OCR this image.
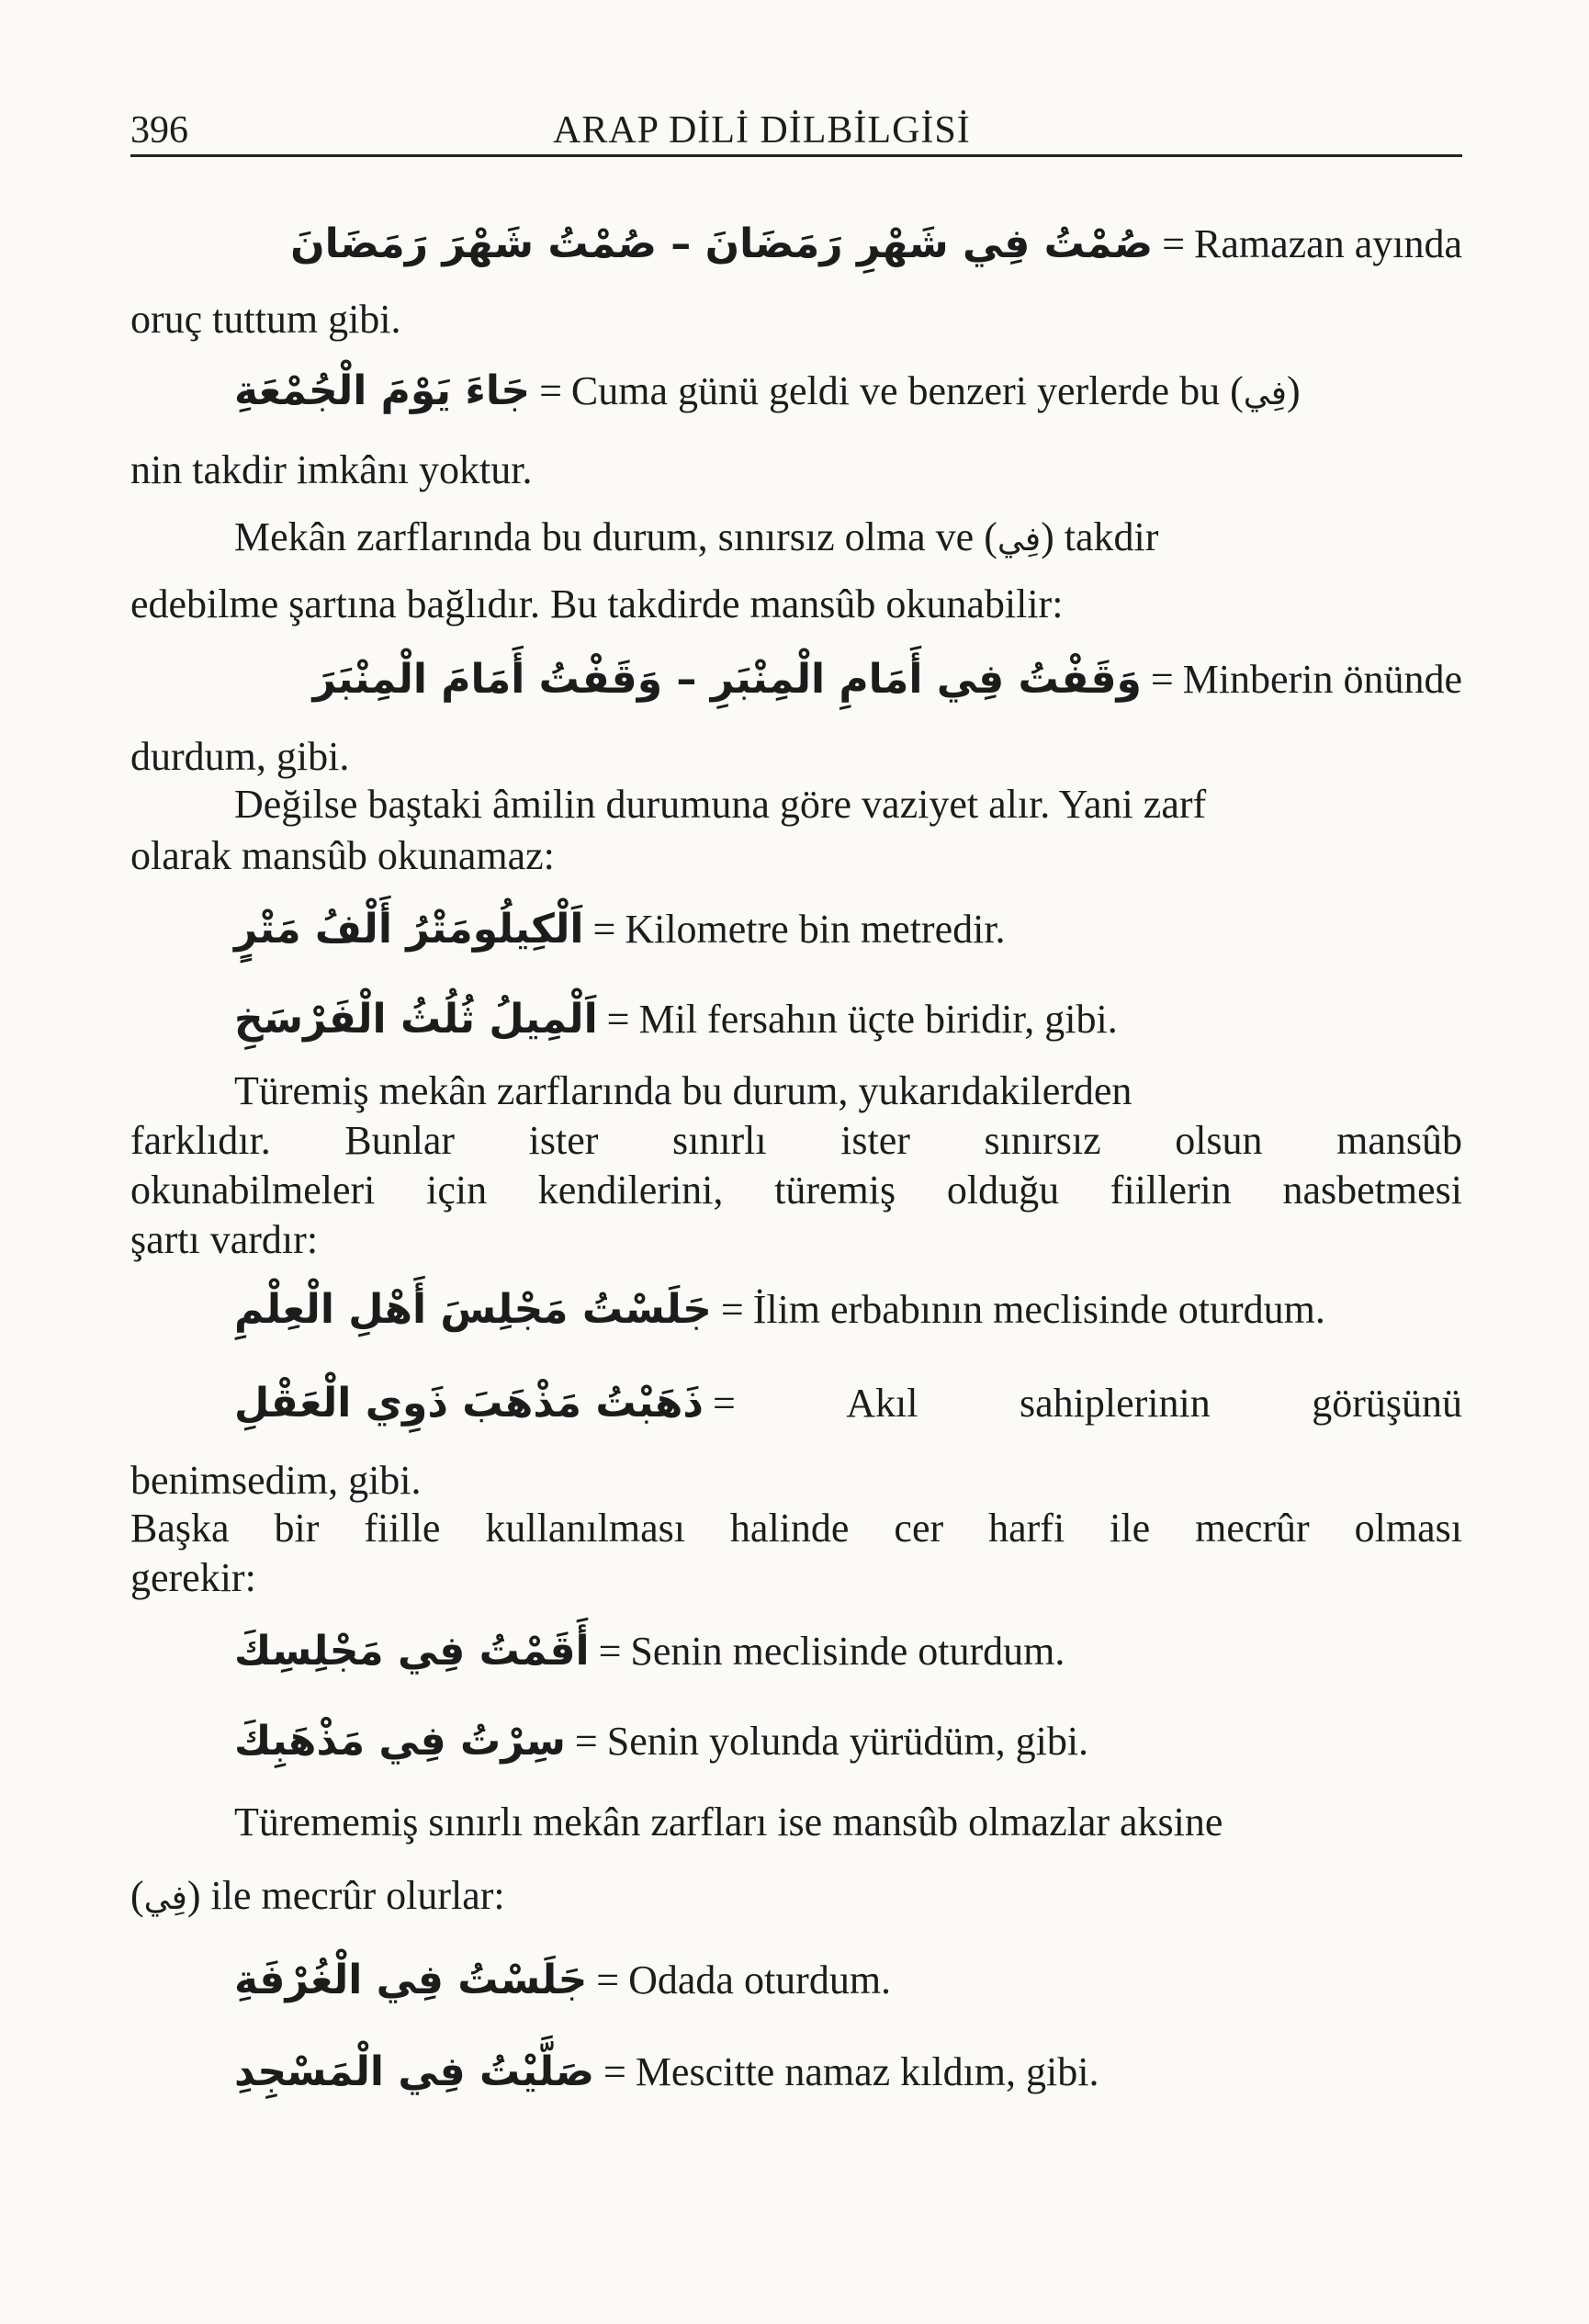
396	ARAP DİLİ DİLBİLGİSİ
صُمْتُ فِي شَهْرِ رَمَضَانَ – صُمْتُ شَهْرَ رَمَضَانَ = Ramazan ayında
oruç tuttum gibi.
جَاءَ يَوْمَ الْجُمْعَةِ = Cuma günü geldi ve benzeri yerlerde bu (فِي)
nin takdir imkânı yoktur.
Mekân zarflarında bu durum, sınırsız olma ve (فِي) takdir
edebilme şartına bağlıdır. Bu takdirde mansûb okunabilir:
وَقَفْتُ فِي أَمَامِ الْمِنْبَرِ – وَقَفْتُ أَمَامَ الْمِنْبَرَ = Minberin önünde
durdum, gibi.
Değilse baştaki âmilin durumuna göre vaziyet alır. Yani zarf
olarak mansûb okunamaz:
اَلْكِيلُومَتْرُ أَلْفُ مَتْرٍ = Kilometre bin metredir.
اَلْمِيلُ ثُلُثُ الْفَرْسَخِ = Mil fersahın üçte biridir, gibi.
Türemiş mekân zarflarında bu durum, yukarıdakilerden
farklıdır. Bunlar ister sınırlı ister sınırsız olsun mansûb
okunabilmeleri için kendilerini, türemiş olduğu fiillerin nasbetmesi
şartı vardır:
جَلَسْتُ مَجْلِسَ أَهْلِ الْعِلْمِ = İlim erbabının meclisinde oturdum.
ذَهَبْتُ مَذْهَبَ ذَوِي الْعَقْلِ =	Akıl	sahiplerinin	görüşünü
benimsedim, gibi.
Başka bir fiille kullanılması halinde cer harfi ile mecrûr olması
gerekir:
أَقَمْتُ فِي مَجْلِسِكَ = Senin meclisinde oturdum.
سِرْتُ فِي مَذْهَبِكَ = Senin yolunda yürüdüm, gibi.
Türememiş sınırlı mekân zarfları ise mansûb olmazlar aksine
(فِي) ile mecrûr olurlar:
جَلَسْتُ فِي الْغُرْفَةِ = Odada oturdum.
صَلَّيْتُ فِي الْمَسْجِدِ = Mescitte namaz kıldım, gibi.
